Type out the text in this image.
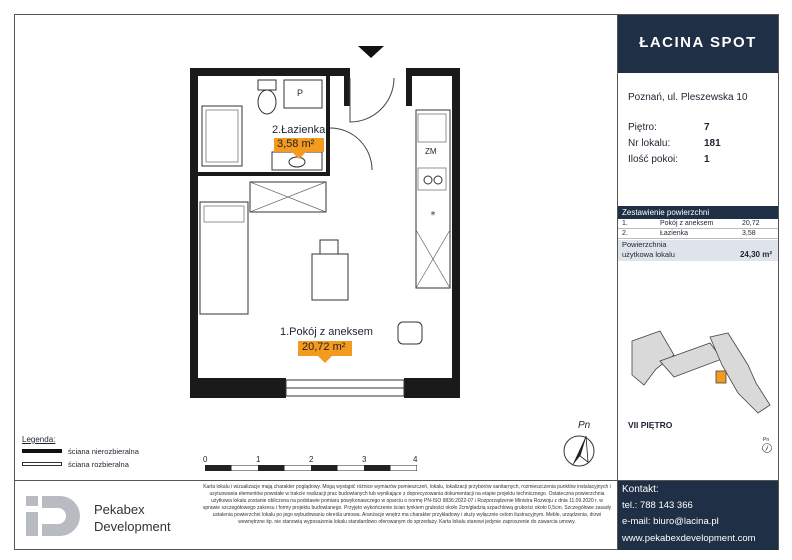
*
P
ZM
2.Łazienka
3,58 m²
1.Pokój z aneksem
20,72 m²
Pn
ŁACINA SPOT
Poznań, ul. Pleszewska 10
Piętro:	7
Nr lokalu:	181
Ilość pokoi:	1
Zestawienie powierzchni
1.	Pokój z aneksem	20,72
2.	Łazienka	3,58
Powierzchnia
użytkowa lokalu	24,30 m²
VII PIĘTRO
Pn
Legenda:
ściana nierozbieralna
ściana rozbieralna
0	1	2	3	4
Pekabex
Development
Karta lokalu i wizualizacje mają charakter poglądowy. Mogą wystąpić różnice wymiarów pomieszczeń, lokalu, lokalizacji przyborów sanitarnych, rozmieszczenia punktów instalacyjnych i usytuowania elementów powstałe w trakcie realizacji prac budowlanych lub wynikające z doprecyzowania dokumentacji na etapie projektu technicznego. Ostateczna powierzchnia użytkowa lokalu zostanie obliczona na podstawie pomiaru powykonawczego w oparciu o normę PN-ISO 9836:2022-07 i Rozporządzenie Ministra Rozwoju z dnia 11.09.2020 r. w sprawie szczegółowego zakresu i formy projektu budowlanego. Przyjęto wykończenie ścian tynkiem grubości około 2cm/gładzią szpachlową grubości około 0,5cm. Szczegółowe zasady ustalenia powierzchni lokalu po jego wybudowaniu określa umowa. Aranżacje wnętrz ma charakter przykładowy i służy wyłącznie celom ilustracyjnym. Meble, urządzenia, drzwi wewnętrzne itp. nie stanowią wyposażenia lokalu standardowo oferowanym do sprzedaży. Karta lokalu stanowi jedynie zaproszenie do zawarcia umowy.
Kontakt:
tel.: 788 143 366
e-mail: biuro@lacina.pl
www.pekabexdevelopment.com
